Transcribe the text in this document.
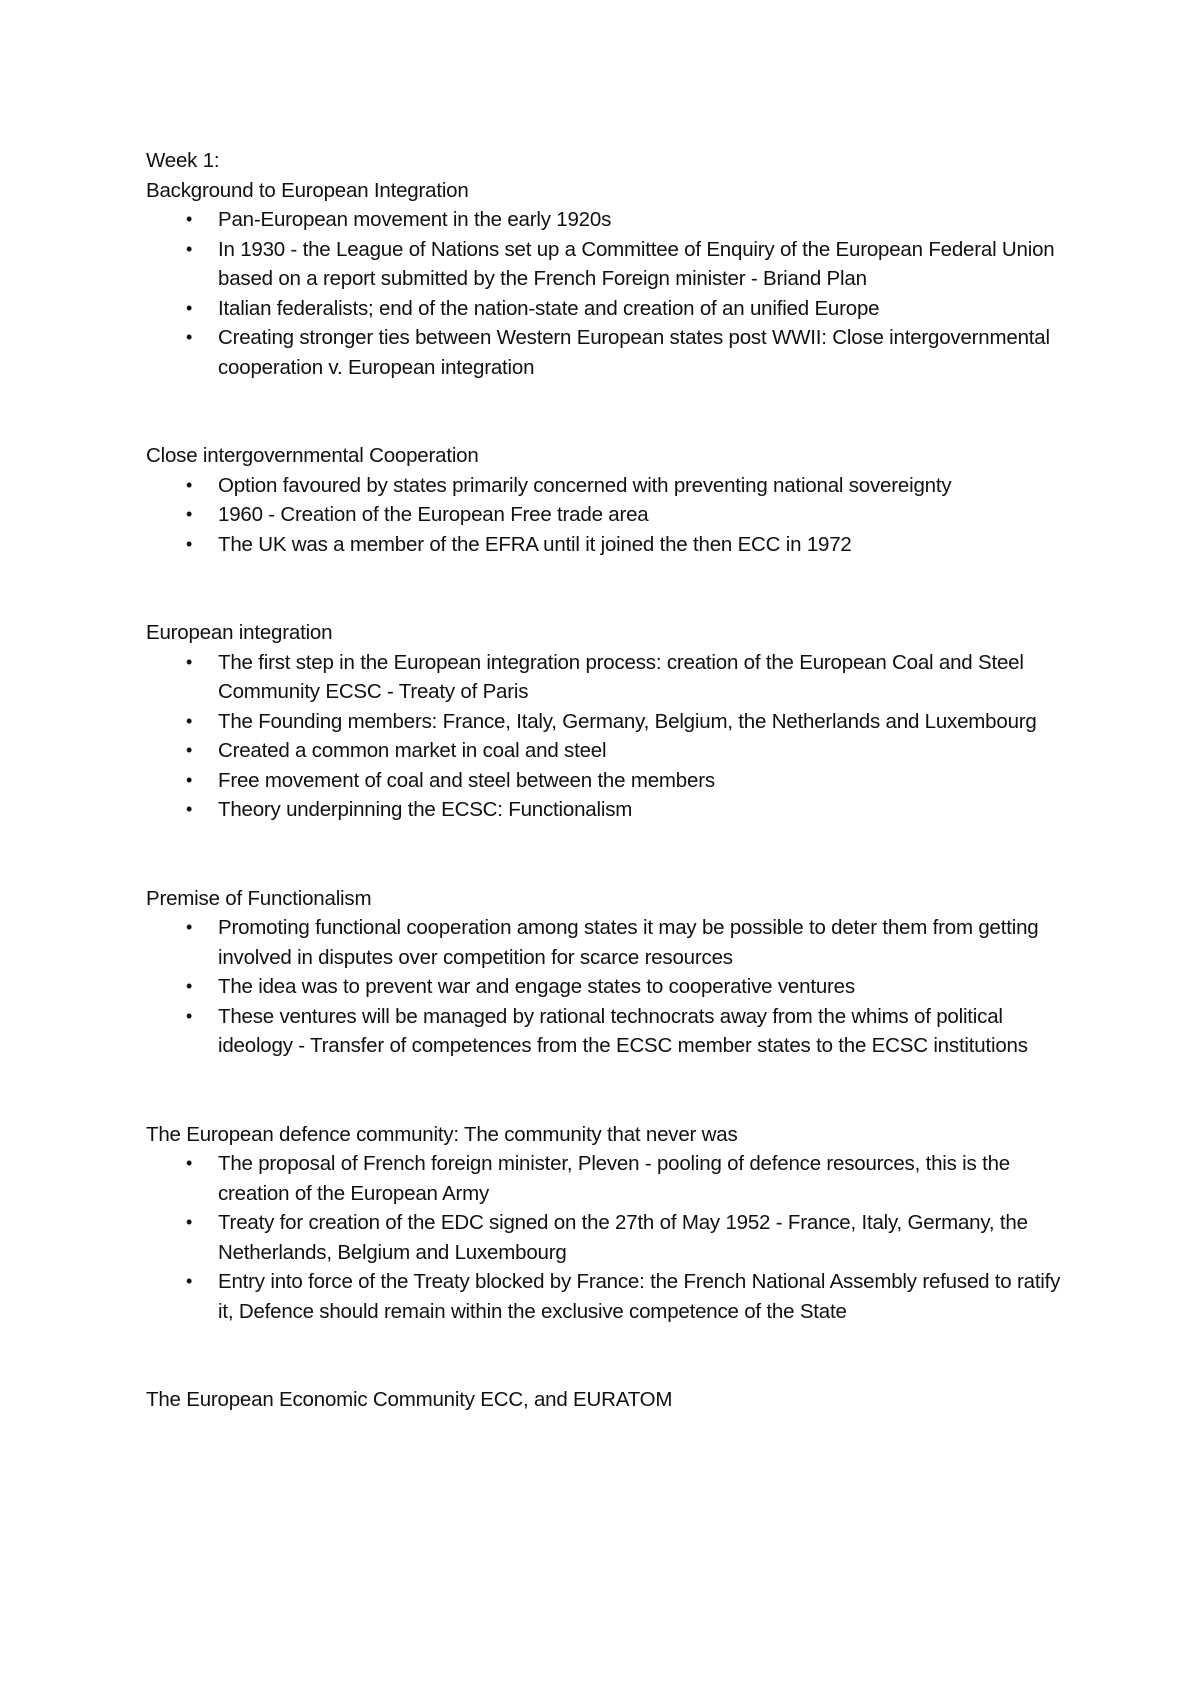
Week 1:

Background to European Integration

• Pan-European movement in the early 1920s
• In 1930 - the League of Nations set up a Committee of Enquiry of the European Federal Union based on a report submitted by the French Foreign minister - Briand Plan
• Italian federalists; end of the nation-state and creation of an unified Europe
• Creating stronger ties between Western European states post WWII: Close intergovernmental cooperation v. European integration

Close intergovernmental Cooperation

• Option favoured by states primarily concerned with preventing national sovereignty
• 1960 - Creation of the European Free trade area
• The UK was a member of the EFRA until it joined the then ECC in 1972

European integration

• The first step in the European integration process: creation of the European Coal and Steel Community ECSC - Treaty of Paris
• The Founding members: France, Italy, Germany, Belgium, the Netherlands and Luxembourg
• Created a common market in coal and steel
• Free movement of coal and steel between the members
• Theory underpinning the ECSC: Functionalism

Premise of Functionalism

• Promoting functional cooperation among states it may be possible to deter them from getting involved in disputes over competition for scarce resources
• The idea was to prevent war and engage states to cooperative ventures
• These ventures will be managed by rational technocrats away from the whims of political ideology - Transfer of competences from the ECSC member states to the ECSC institutions

The European defence community: The community that never was

• The proposal of French foreign minister, Pleven - pooling of defence resources, this is the creation of the European Army
• Treaty for creation of the EDC signed on the 27th of May 1952 - France, Italy, Germany, the Netherlands, Belgium and Luxembourg
• Entry into force of the Treaty blocked by France: the French National Assembly refused to ratify it, Defence should remain within the exclusive competence of the State

The European Economic Community ECC, and EURATOM
